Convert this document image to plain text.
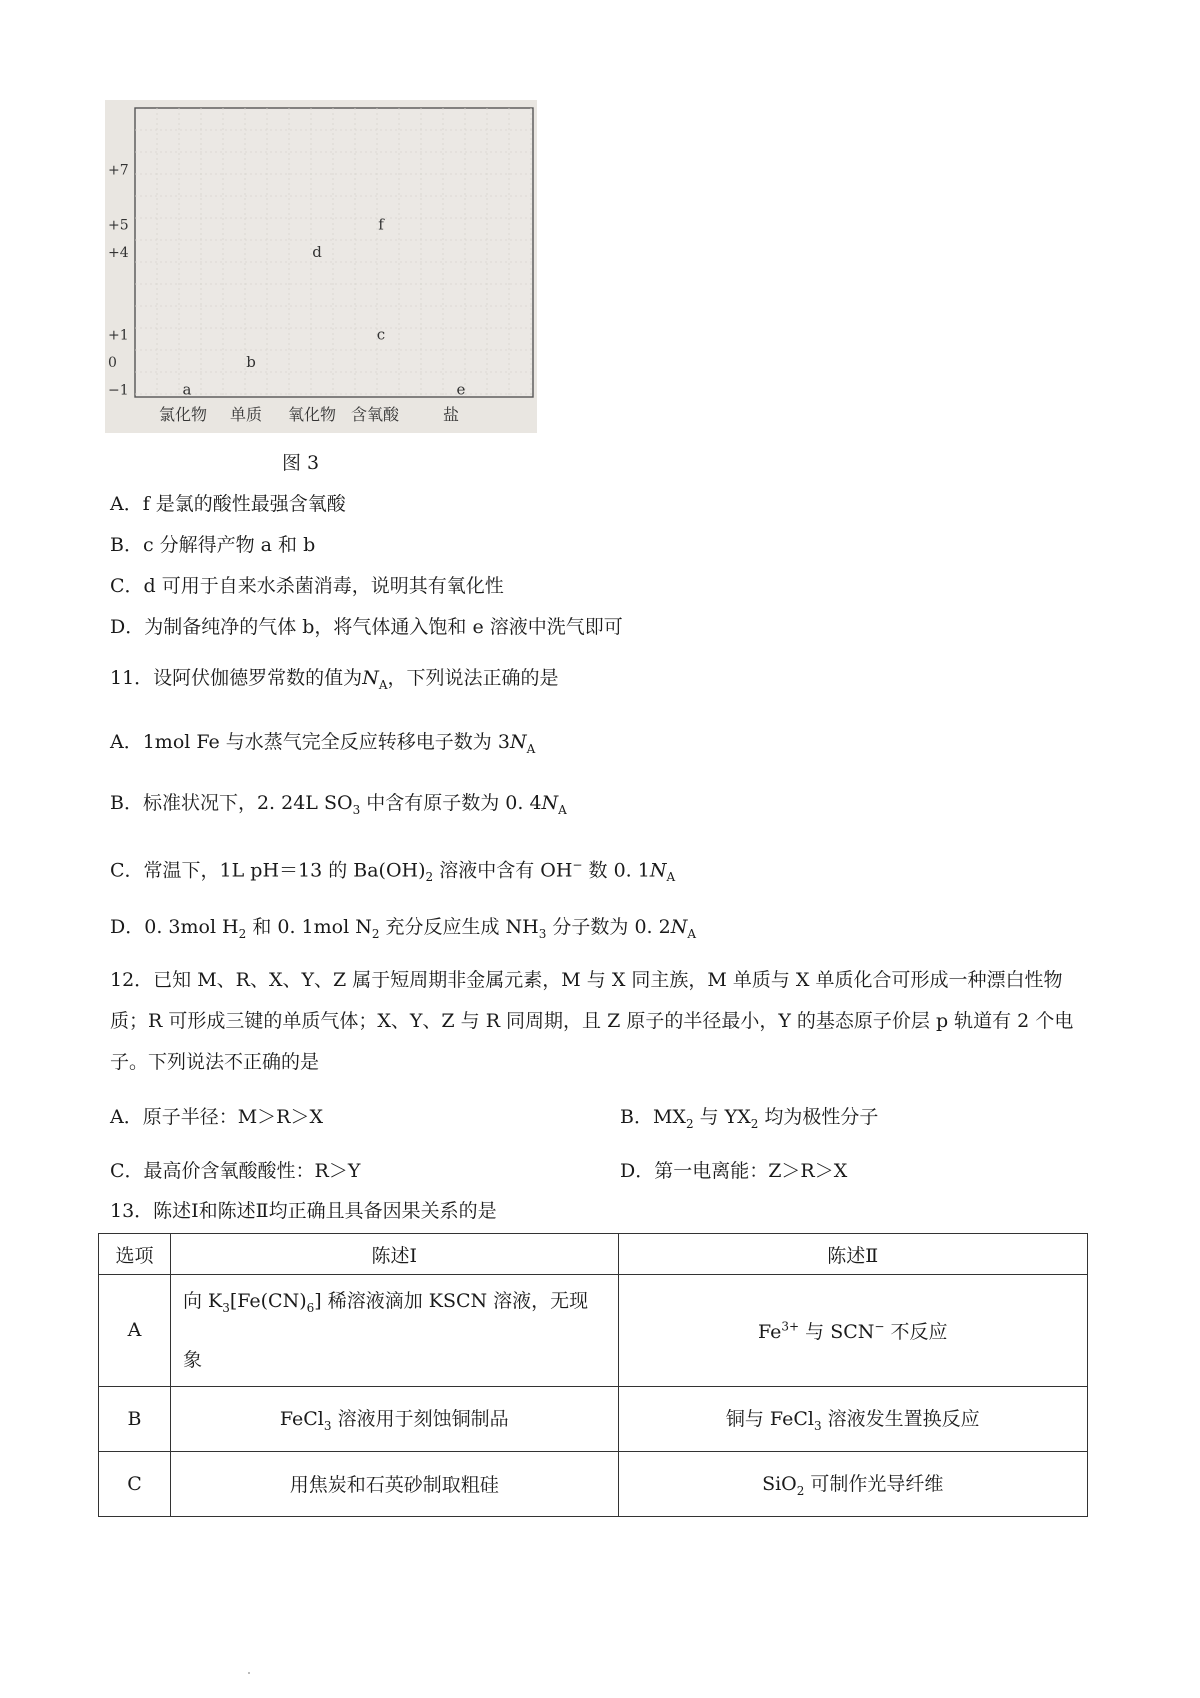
+7
+5
+4
+1
0
−1
氯化物 单质 氧化物 含氧酸	盐
a
b
d
f
c
e
图 3
A．f 是氯的酸性最强含氧酸
B．c 分解得产物 a 和 b
C．d 可用于自来水杀菌消毒，说明其有氧化性
D．为制备纯净的气体 b，将气体通入饱和 e 溶液中洗气即可
11．设阿伏伽德罗常数的值为$N_A$，下列说法正确的是
A．1mol Fe 与水蒸气完全反应转移电子数为 $3N_A$
B．标准状况下，2. 24L $SO_3$ 中含有原子数为 0. $4N_A$
C．常温下，1L pH＝13 的 $Ba(OH)_2$ 溶液中含有 OH− 数 0. $1N_A$
D．0. 3mol $H_2$ 和 0. 1mol $N_2$ 充分反应生成 $NH_3$ 分子数为 0. $2N_A$
12．已知 M、R、X、Y、Z 属于短周期非金属元素，M 与 X 同主族，M 单质与 X 单质化合可形成一种漂白性物质；R 可形成三键的单质气体；X、Y、Z 与 R 同周期，且 Z 原子的半径最小，Y 的基态原子价层 p 轨道有 2 个电子。下列说法不正确的是
A．原子半径：M＞R＞X	B．$MX_2$ 与 $YX_2$ 均为极性分子
C．最高价含氧酸酸性：R＞Y	D．第一电离能：Z＞R＞X
13．陈述Ⅰ和陈述Ⅱ均正确且具备因果关系的是
选项	陈述Ⅰ	陈述Ⅱ
A	向 $K_3[Fe(CN)_6]$ 稀溶液滴加 KSCN 溶液，无现象	$Fe^{3+}$ 与 SCN− 不反应
B	FeCl$_3$ 溶液用于刻蚀铜制品	铜与 FeCl$_3$ 溶液发生置换反应
C	用焦炭和石英砂制取粗硅	SiO$_2$ 可制作光导纤维
